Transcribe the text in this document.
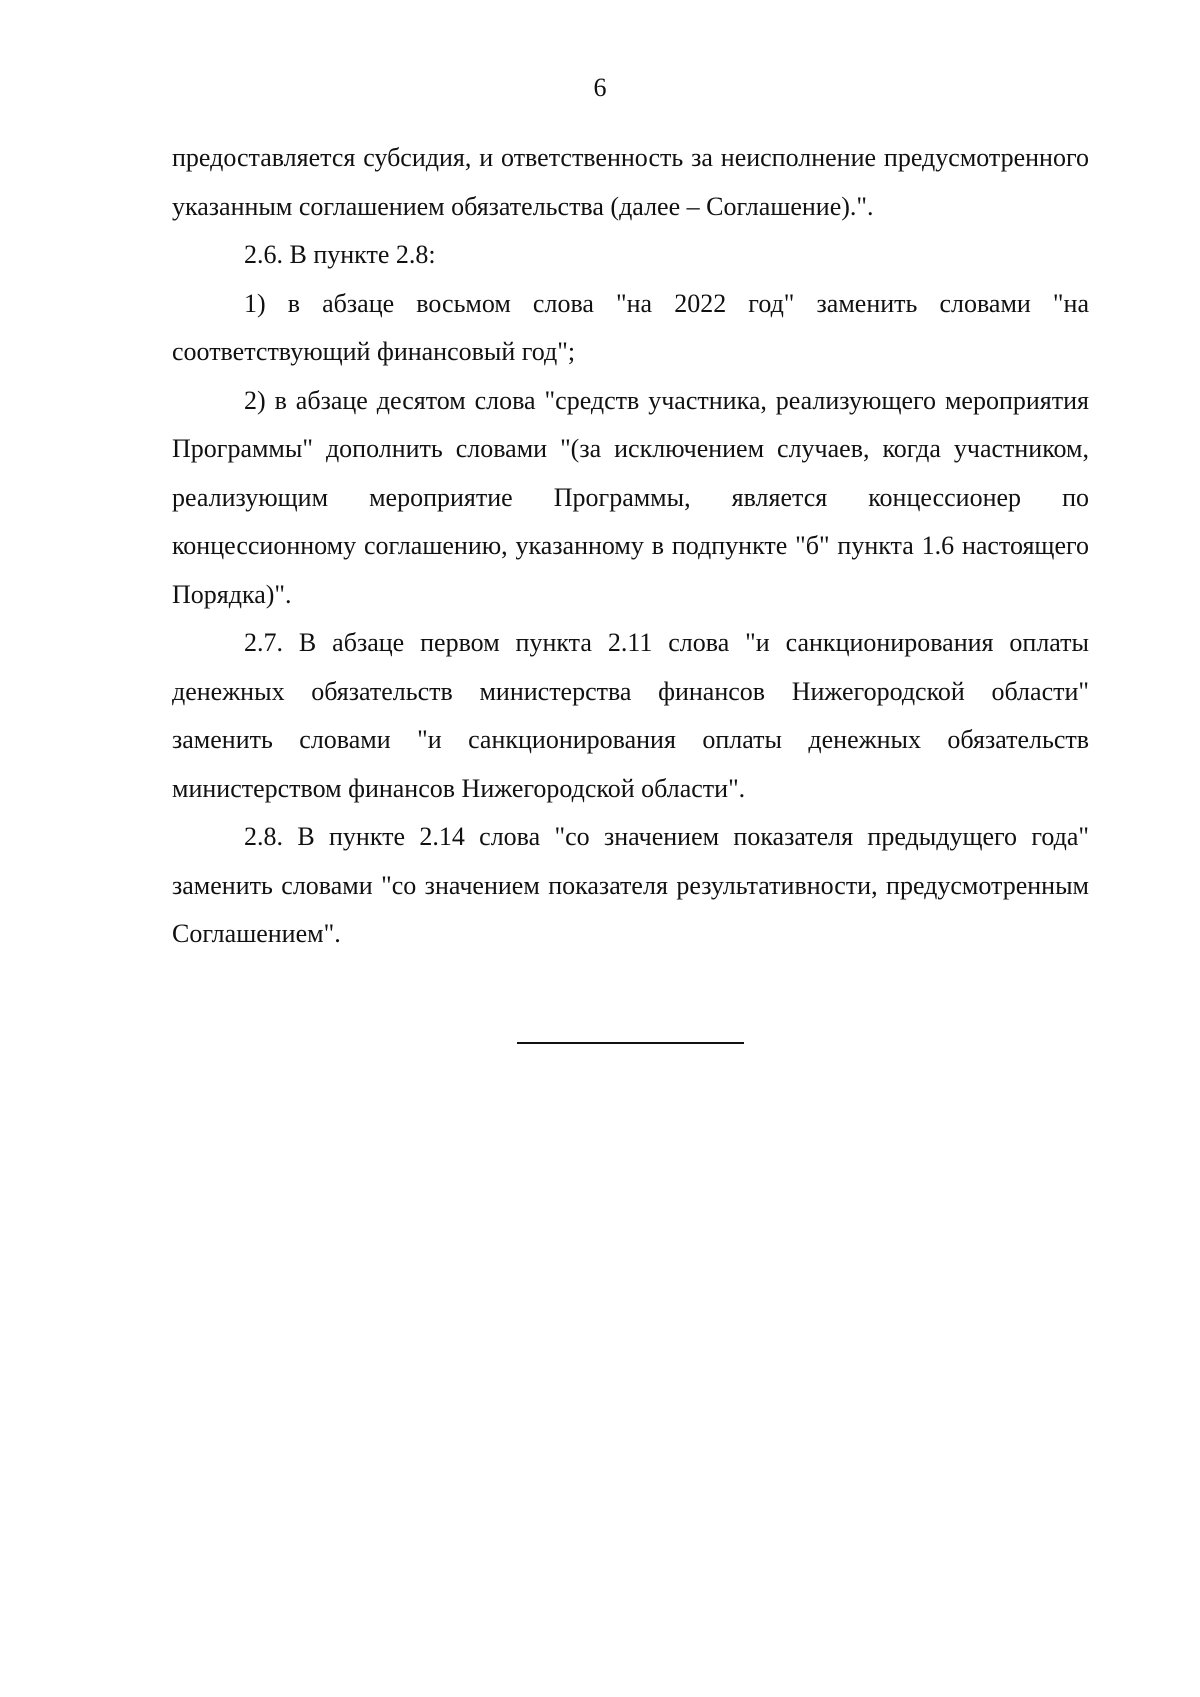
6

предоставляется субсидия, и ответственность за неисполнение предусмотренного указанным соглашением обязательства (далее – Соглашение).".

2.6. В пункте 2.8:

1) в абзаце восьмом слова "на 2022 год" заменить словами "на соответствующий финансовый год";

2) в абзаце десятом слова "средств участника, реализующего мероприятия Программы" дополнить словами "(за исключением случаев, когда участником, реализующим мероприятие Программы, является концессионер по концессионному соглашению, указанному в подпункте "б" пункта 1.6 настоящего Порядка)".

2.7. В абзаце первом пункта 2.11 слова "и санкционирования оплаты денежных обязательств министерства финансов Нижегородской области" заменить словами "и санкционирования оплаты денежных обязательств министерством финансов Нижегородской области".

2.8. В пункте 2.14 слова "со значением показателя предыдущего года" заменить словами "со значением показателя результативности, предусмотренным Соглашением".
